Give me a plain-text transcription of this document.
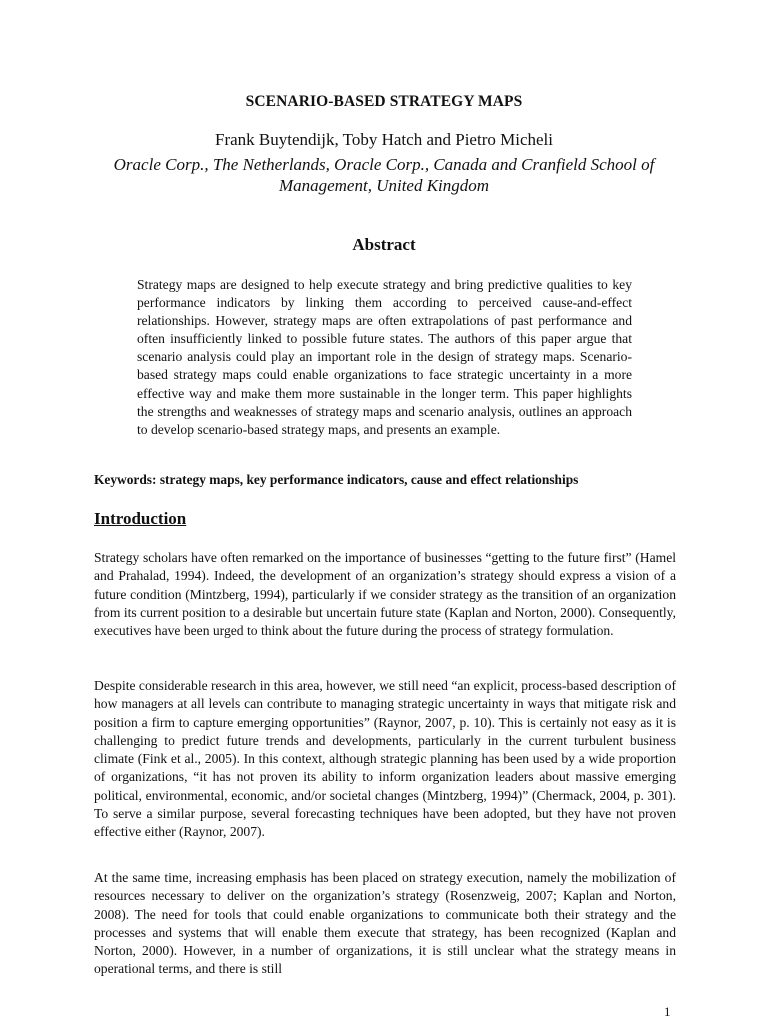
SCENARIO-BASED STRATEGY MAPS
Frank Buytendijk, Toby Hatch and Pietro Micheli
Oracle Corp., The Netherlands, Oracle Corp., Canada and Cranfield School of Management, United Kingdom
Abstract
Strategy maps are designed to help execute strategy and bring predictive qualities to key performance indicators by linking them according to perceived cause-and-effect relationships. However, strategy maps are often extrapolations of past performance and often insufficiently linked to possible future states. The authors of this paper argue that scenario analysis could play an important role in the design of strategy maps. Scenario-based strategy maps could enable organizations to face strategic uncertainty in a more effective way and make them more sustainable in the longer term. This paper highlights the strengths and weaknesses of strategy maps and scenario analysis, outlines an approach to develop scenario-based strategy maps, and presents an example.
Keywords: strategy maps, key performance indicators, cause and effect relationships
Introduction
Strategy scholars have often remarked on the importance of businesses “getting to the future first” (Hamel and Prahalad, 1994). Indeed, the development of an organization’s strategy should express a vision of a future condition (Mintzberg, 1994), particularly if we consider strategy as the transition of an organization from its current position to a desirable but uncertain future state (Kaplan and Norton, 2000). Consequently, executives have been urged to think about the future during the process of strategy formulation.
Despite considerable research in this area, however, we still need “an explicit, process-based description of how managers at all levels can contribute to managing strategic uncertainty in ways that mitigate risk and position a firm to capture emerging opportunities” (Raynor, 2007, p. 10). This is certainly not easy as it is challenging to predict future trends and developments, particularly in the current turbulent business climate (Fink et al., 2005). In this context, although strategic planning has been used by a wide proportion of organizations, “it has not proven its ability to inform organization leaders about massive emerging political, environmental, economic, and/or societal changes (Mintzberg, 1994)” (Chermack, 2004, p. 301). To serve a similar purpose, several forecasting techniques have been adopted, but they have not proven effective either (Raynor, 2007).
At the same time, increasing emphasis has been placed on strategy execution, namely the mobilization of resources necessary to deliver on the organization’s strategy (Rosenzweig, 2007; Kaplan and Norton, 2008). The need for tools that could enable organizations to communicate both their strategy and the processes and systems that will enable them execute that strategy, has been recognized (Kaplan and Norton, 2000). However, in a number of organizations, it is still unclear what the strategy means in operational terms, and there is still
1
